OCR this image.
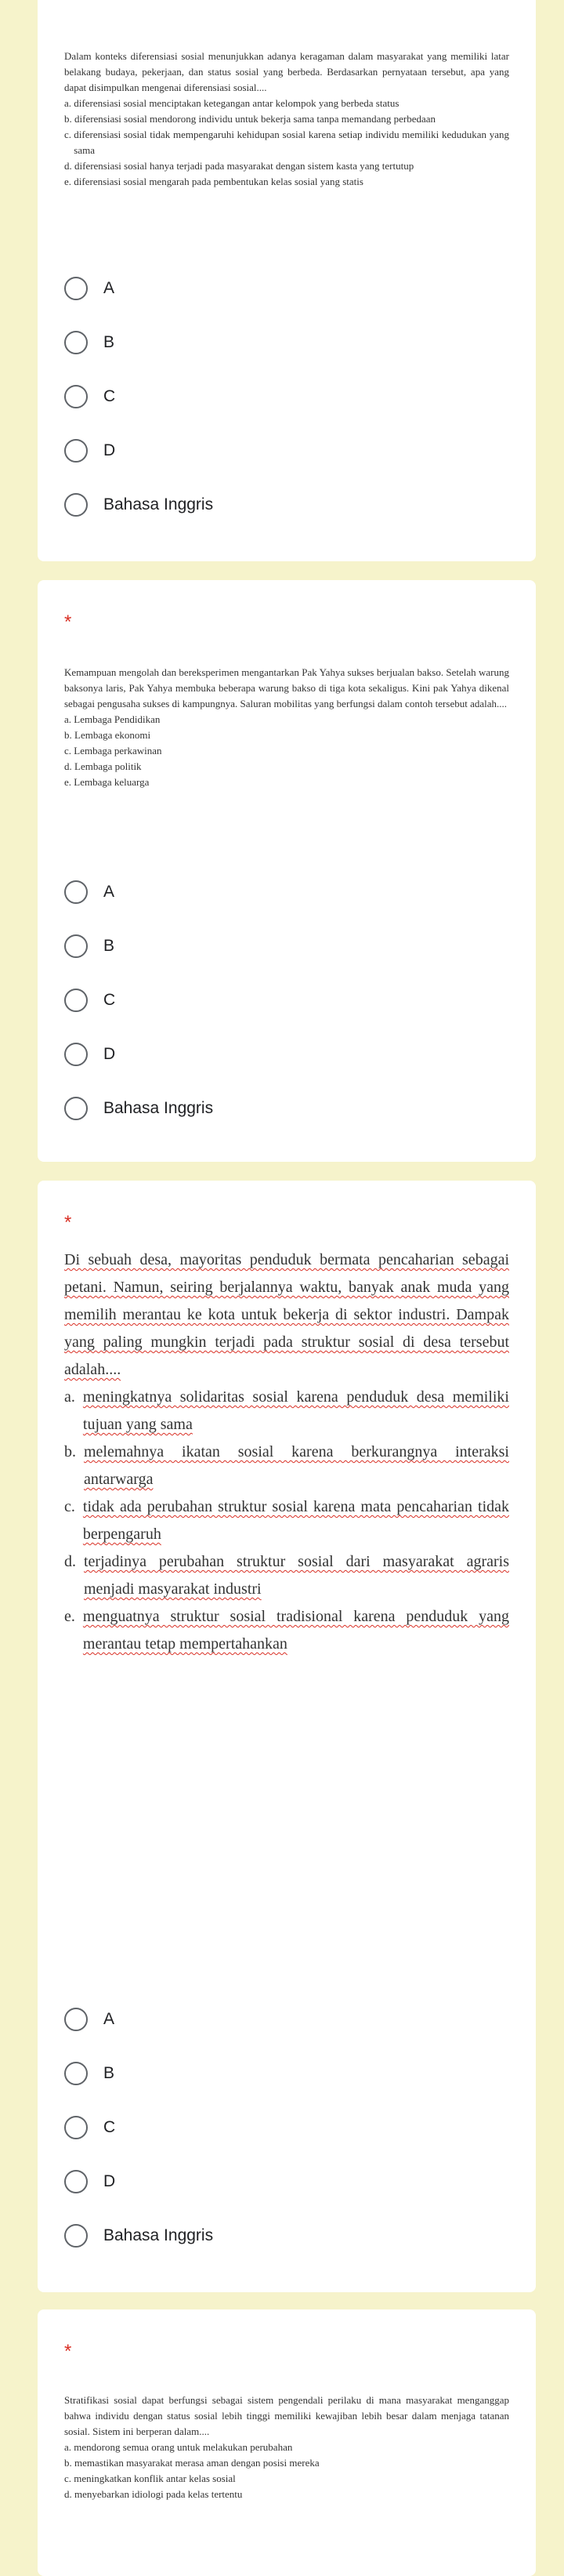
Dalam konteks diferensiasi sosial menunjukkan adanya keragaman dalam masyarakat yang memiliki latar belakang budaya, pekerjaan, dan status sosial yang berbeda. Berdasarkan pernyataan tersebut, apa yang dapat disimpulkan mengenai diferensiasi sosial....

a.
diferensiasi sosial menciptakan ketegangan antar kelompok yang berbeda status
b.
diferensiasi sosial mendorong individu untuk bekerja sama tanpa memandang perbedaan
c.
diferensiasi sosial tidak mempengaruhi kehidupan sosial karena setiap individu memiliki kedudukan yang sama
d.
diferensiasi sosial hanya terjadi pada masyarakat dengan sistem kasta yang tertutup
e.
diferensiasi sosial mengarah pada pembentukan kelas sosial yang statis
A
B
C
D
Bahasa Inggris
*

Kemampuan mengolah dan bereksperimen mengantarkan Pak Yahya sukses berjualan bakso. Setelah warung baksonya laris, Pak Yahya membuka beberapa warung bakso di tiga kota sekaligus. Kini pak Yahya dikenal sebagai pengusaha sukses di kampungnya. Saluran mobilitas yang berfungsi dalam contoh tersebut adalah....

a.
Lembaga Pendidikan
b.
Lembaga ekonomi
c.
Lembaga perkawinan
d.
Lembaga politik
e.
Lembaga keluarga
A
B
C
D
Bahasa Inggris
*

Di sebuah desa, mayoritas penduduk bermata pencaharian sebagai petani. Namun, seiring berjalannya waktu, banyak anak muda yang memilih merantau ke kota untuk bekerja di sektor industri. Dampak yang paling mungkin terjadi pada struktur sosial di desa tersebut adalah....

a.
meningkatnya solidaritas sosial karena penduduk desa memiliki tujuan yang sama
b.
melemahnya ikatan sosial karena berkurangnya interaksi antarwarga
c.
tidak ada perubahan struktur sosial karena mata pencaharian tidak berpengaruh
d.
terjadinya perubahan struktur sosial dari masyarakat agraris menjadi masyarakat industri
e.
menguatnya struktur sosial tradisional karena penduduk yang merantau tetap mempertahankan
A
B
C
D
Bahasa Inggris
*

Stratifikasi sosial dapat berfungsi sebagai sistem pengendali perilaku di mana masyarakat menganggap bahwa individu dengan status sosial lebih tinggi memiliki kewajiban lebih besar dalam menjaga tatanan sosial. Sistem ini berperan dalam....

a.
mendorong semua orang untuk melakukan perubahan
b.
memastikan masyarakat merasa aman dengan posisi mereka
c.
meningkatkan konflik antar kelas sosial
d.
menyebarkan idiologi pada kelas tertentu
